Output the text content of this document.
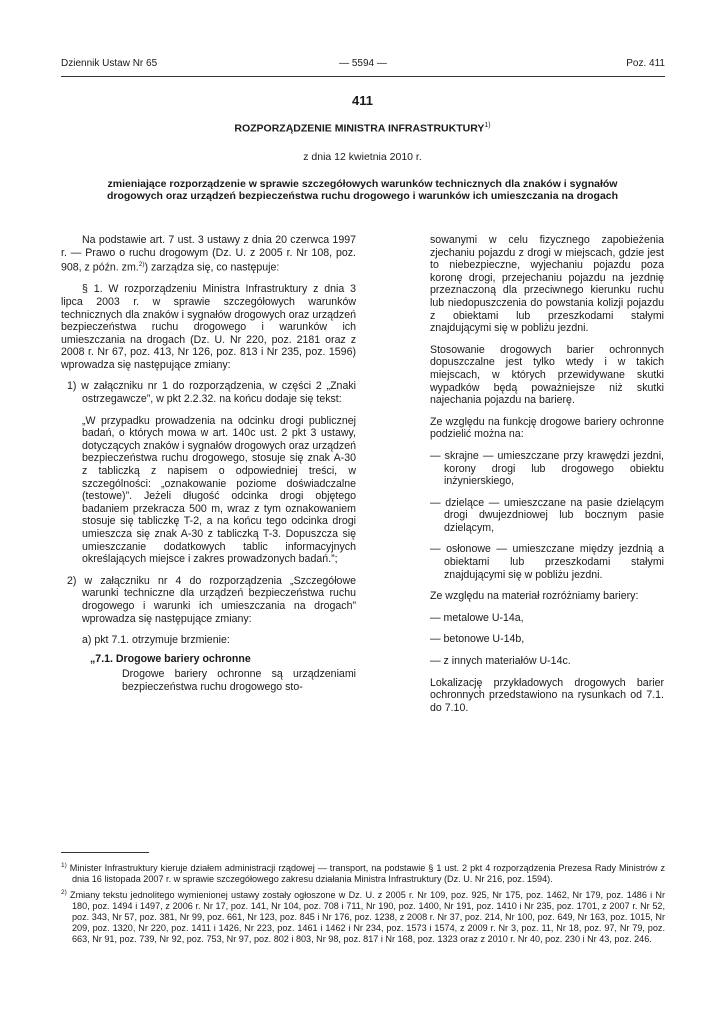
Dziennik Ustaw Nr 65	— 5594 —	Poz. 411
411
ROZPORZĄDZENIE MINISTRA INFRASTRUKTURY$^{1)}$
z dnia 12 kwietnia 2010 r.
zmieniające rozporządzenie w sprawie szczegółowych warunków technicznych dla znaków i sygnałów drogowych oraz urządzeń bezpieczeństwa ruchu drogowego i warunków ich umieszczania na drogach

Na podstawie art. 7 ust. 3 ustawy z dnia 20 czerwca 1997 r. — Prawo o ruchu drogowym (Dz. U. z 2005 r. Nr 108, poz. 908, z późn. zm.$^{2)}$) zarządza się, co następuje:

§ 1. W rozporządzeniu Ministra Infrastruktury z dnia 3 lipca 2003 r. w sprawie szczegółowych warunków technicznych dla znaków i sygnałów drogowych oraz urządzeń bezpieczeństwa ruchu drogowego i warunków ich umieszczania na drogach (Dz. U. Nr 220, poz. 2181 oraz z 2008 r. Nr 67, poz. 413, Nr 126, poz. 813 i Nr 235, poz. 1596) wprowadza się następujące zmiany:

1) w załączniku nr 1 do rozporządzenia, w części 2 „Znaki ostrzegawcze”, w pkt 2.2.32. na końcu dodaje się tekst:

„W przypadku prowadzenia na odcinku drogi publicznej badań, o których mowa w art. 140c ust. 2 pkt 3 ustawy, dotyczących znaków i sygnałów drogowych oraz urządzeń bezpieczeństwa ruchu drogowego, stosuje się znak A-30 z tabliczką z napisem o odpowiedniej treści, w szczególności: „oznakowanie poziome doświadczalne (testowe)”. Jeżeli długość odcinka drogi objętego badaniem przekracza 500 m, wraz z tym oznakowaniem stosuje się tabliczkę T-2, a na końcu tego odcinka drogi umieszcza się znak A-30 z tabliczką T-3. Dopuszcza się umieszczanie dodatkowych tablic informacyjnych określających miejsce i zakres prowadzonych badań.”;

2) w załączniku nr 4 do rozporządzenia „Szczegółowe warunki techniczne dla urządzeń bezpieczeństwa ruchu drogowego i warunki ich umieszczania na drogach” wprowadza się następujące zmiany:

a) pkt 7.1. otrzymuje brzmienie:

„7.1. Drogowe bariery ochronne

Drogowe bariery ochronne są urządzeniami bezpieczeństwa ruchu drogowego sto-

sowanymi w celu fizycznego zapobieżenia zjechaniu pojazdu z drogi w miejscach, gdzie jest to niebezpieczne, wyjechaniu pojazdu poza koronę drogi, przejechaniu pojazdu na jezdnię przeznaczoną dla przeciwnego kierunku ruchu lub niedopuszczenia do powstania kolizji pojazdu z obiektami lub przeszkodami stałymi znajdującymi się w pobliżu jezdni.

Stosowanie drogowych barier ochronnych dopuszczalne jest tylko wtedy i w takich miejscach, w których przewidywane skutki wypadków będą poważniejsze niż skutki najechania pojazdu na barierę.

Ze względu na funkcję drogowe bariery ochronne podzielić można na:

— skrajne — umieszczane przy krawędzi jezdni, korony drogi lub drogowego obiektu inżynierskiego,

— dzielące — umieszczane na pasie dzielącym drogi dwujezdniowej lub bocznym pasie dzielącym,

— osłonowe — umieszczane między jezdnią a obiektami lub przeszkodami stałymi znajdującymi się w pobliżu jezdni.

Ze względu na materiał rozróżniamy bariery:

— metalowe U-14a,

— betonowe U-14b,

— z innych materiałów U-14c.

Lokalizację przykładowych drogowych barier ochronnych przedstawiono na rysunkach od 7.1. do 7.10.

$^{1)}$ Minister Infrastruktury kieruje działem administracji rządowej — transport, na podstawie § 1 ust. 2 pkt 4 rozporządzenia Prezesa Rady Ministrów z dnia 16 listopada 2007 r. w sprawie szczegółowego zakresu działania Ministra Infrastruktury (Dz. U. Nr 216, poz. 1594).
$^{2)}$ Zmiany tekstu jednolitego wymienionej ustawy zostały ogłoszone w Dz. U. z 2005 r. Nr 109, poz. 925, Nr 175, poz. 1462, Nr 179, poz. 1486 i Nr 180, poz. 1494 i 1497, z 2006 r. Nr 17, poz. 141, Nr 104, poz. 708 i 711, Nr 190, poz. 1400, Nr 191, poz. 1410 i Nr 235, poz. 1701, z 2007 r. Nr 52, poz. 343, Nr 57, poz. 381, Nr 99, poz. 661, Nr 123, poz. 845 i Nr 176, poz. 1238, z 2008 r. Nr 37, poz. 214, Nr 100, poz. 649, Nr 163, poz. 1015, Nr 209, poz. 1320, Nr 220, poz. 1411 i 1426, Nr 223, poz. 1461 i 1462 i Nr 234, poz. 1573 i 1574, z 2009 r. Nr 3, poz. 11, Nr 18, poz. 97, Nr 79, poz. 663, Nr 91, poz. 739, Nr 92, poz. 753, Nr 97, poz. 802 i 803, Nr 98, poz. 817 i Nr 168, poz. 1323 oraz z 2010 r. Nr 40, poz. 230 i Nr 43, poz. 246.
